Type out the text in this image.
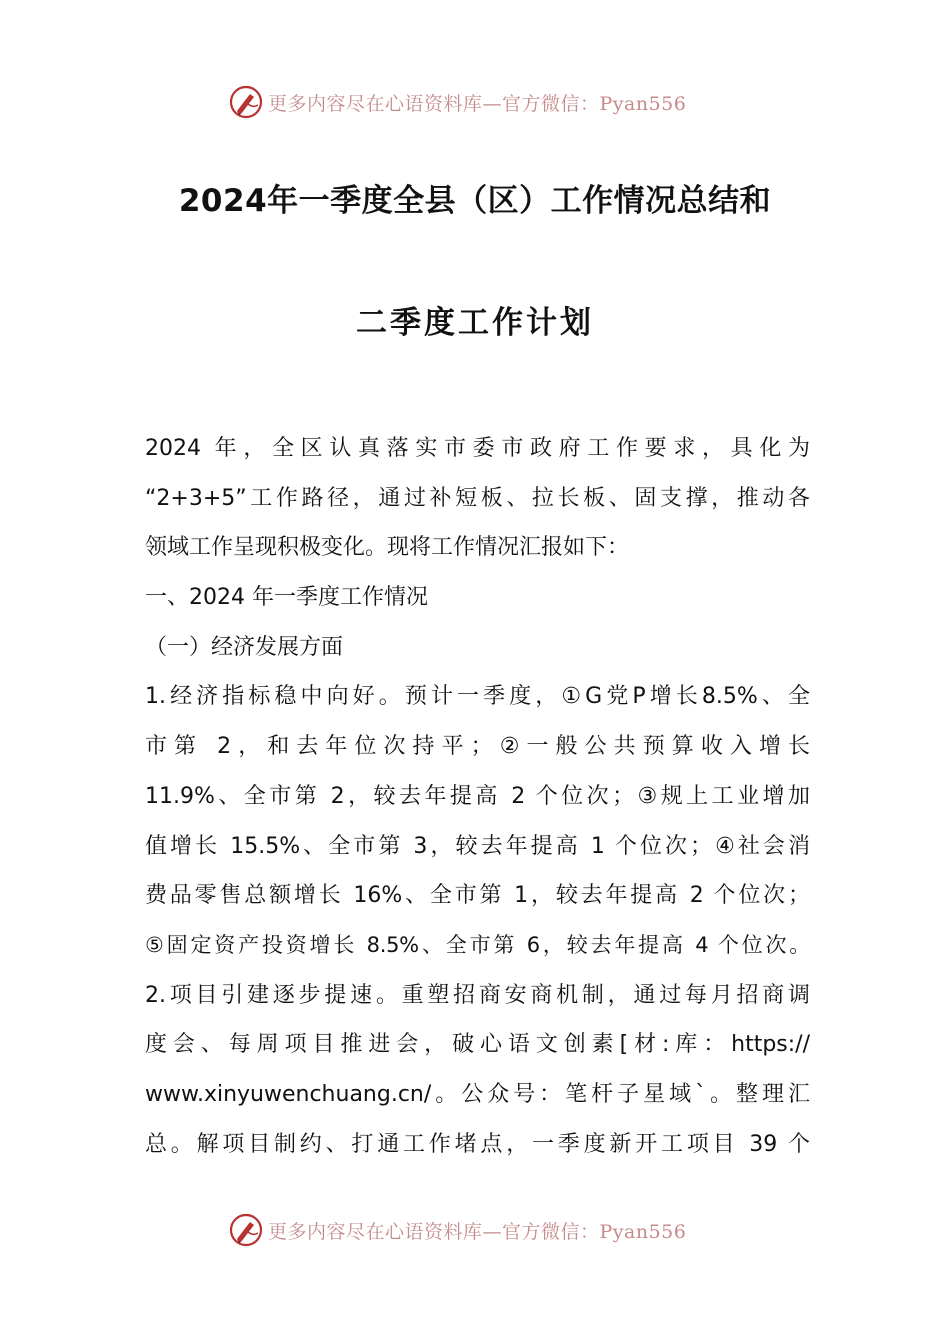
更多内容尽在心语资料库—官方微信：Pyan556
2024年一季度全县（区）工作情况总结和
二季度工作计划
2024 年，全区认真落实市委市政府工作要求，具化为
“2+3+5”工作路径，通过补短板、拉长板、固支撑，推动各
领域工作呈现积极变化。现将工作情况汇报如下：
一、2024 年一季度工作情况
（一）经济发展方面
1.经济指标稳中向好。预计一季度，①G党P增长8.5%、全
市第 2，和去年位次持平；②一般公共预算收入增长
11.9%、全市第 2，较去年提高 2 个位次；③规上工业增加
值增长 15.5%、全市第 3，较去年提高 1 个位次；④社会消
费品零售总额增长 16%、全市第 1，较去年提高 2 个位次；
⑤固定资产投资增长 8.5%、全市第 6，较去年提高 4 个位次。
2.项目引建逐步提速。重塑招商安商机制，通过每月招商调
度会、每周项目推进会，破心语文创素[材:库：https://
www.xinyuwenchuang.cn/。公众号：笔杆子星域`。整理汇
总。解项目制约、打通工作堵点，一季度新开工项目 39 个
更多内容尽在心语资料库—官方微信：Pyan556
